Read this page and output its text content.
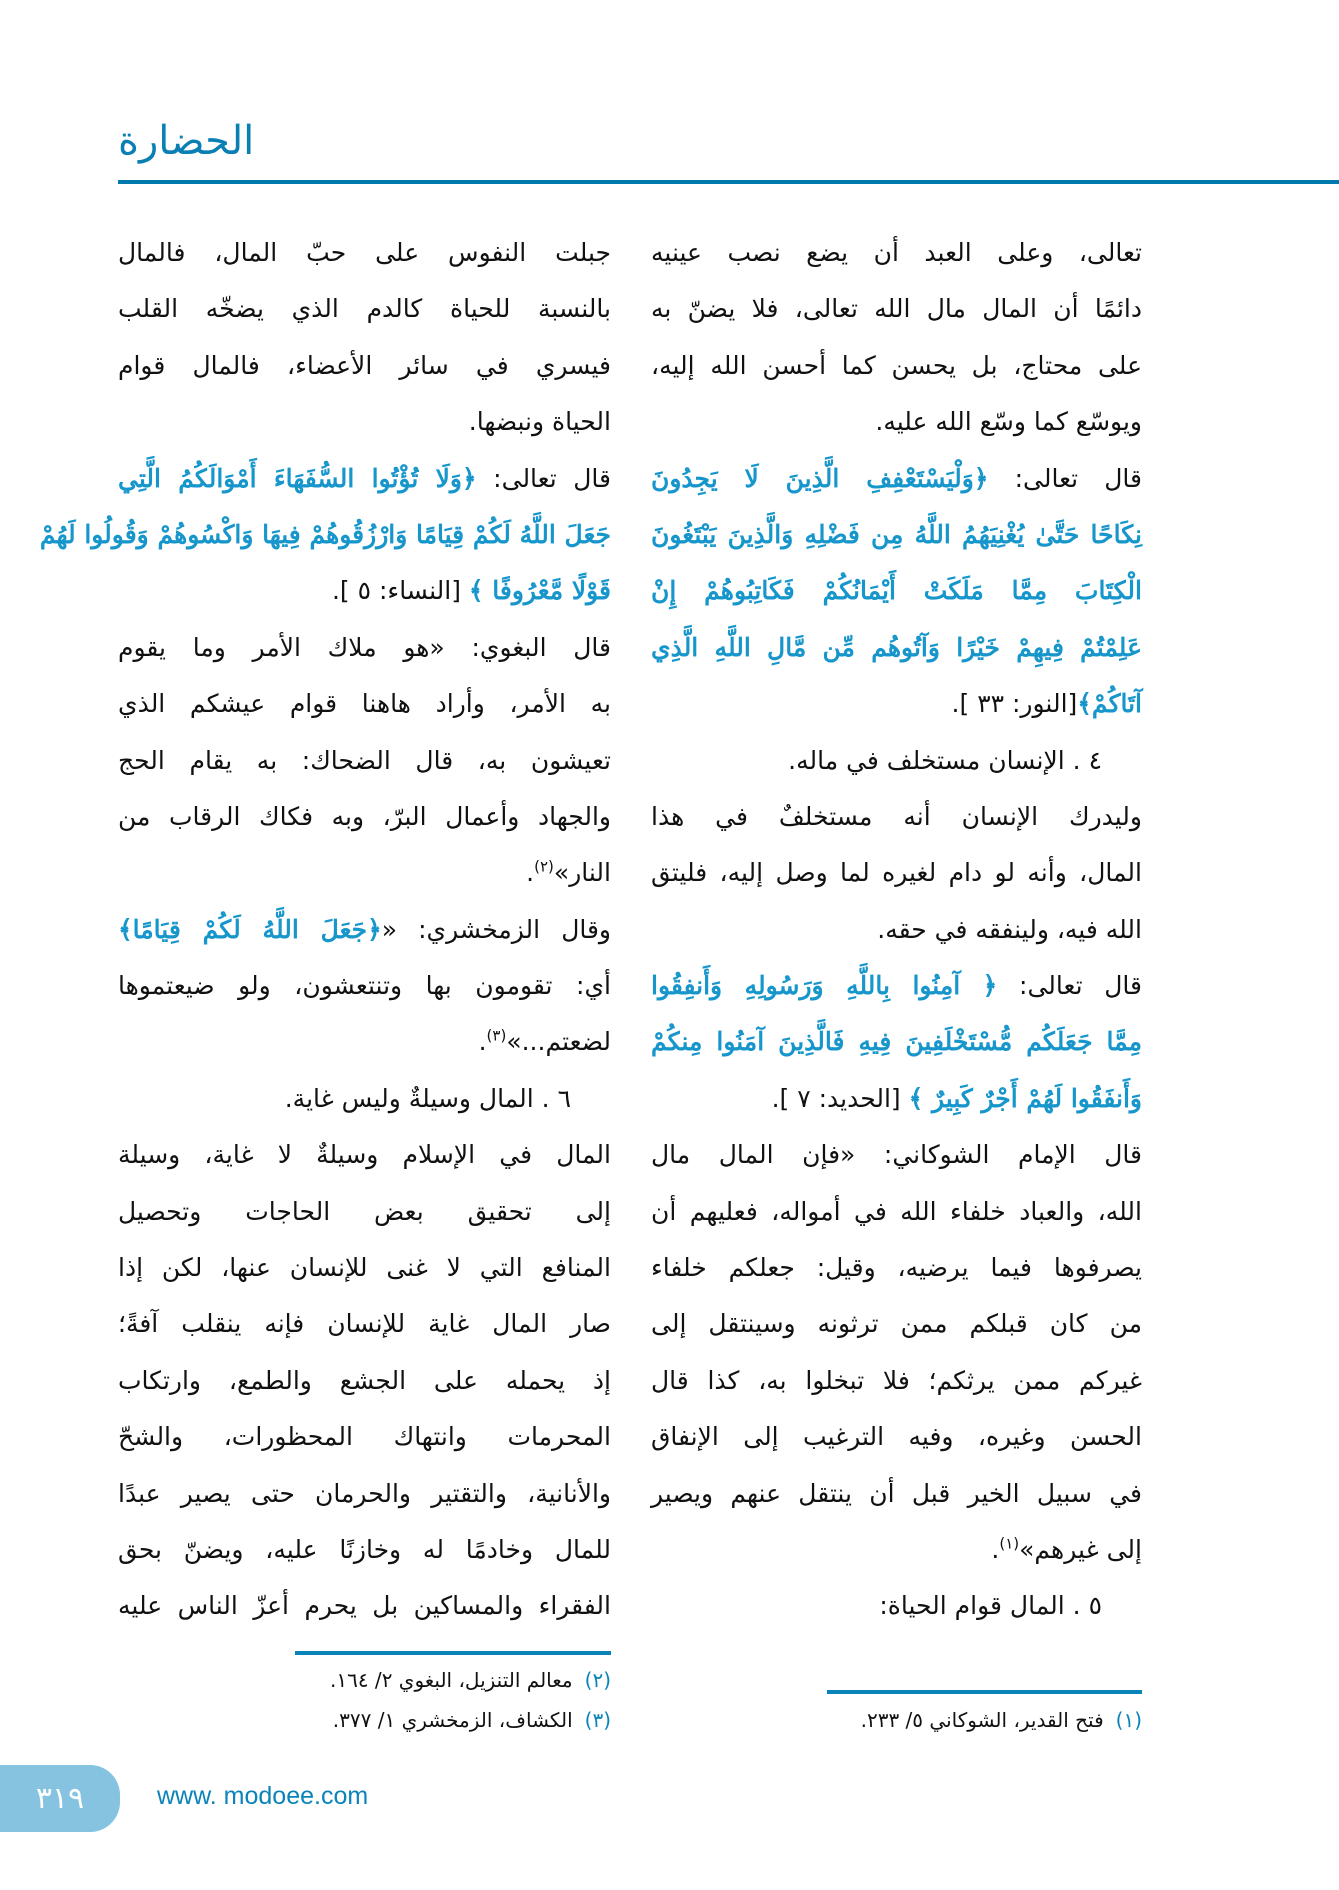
الحضارة
تعالى، وعلى العبد أن يضع نصب عينيه
دائمًا أن المال مال الله تعالى، فلا يضنّ به
على محتاج، بل يحسن كما أحسن الله إليه،
ويوسّع كما وسّع الله عليه.
قال تعالى: ﴿وَلْيَسْتَعْفِفِ الَّذِينَ لَا يَجِدُونَ
نِكَاحًا حَتَّىٰ يُغْنِيَهُمُ اللَّهُ مِن فَضْلِهِ وَالَّذِينَ يَبْتَغُونَ
الْكِتَابَ مِمَّا مَلَكَتْ أَيْمَانُكُمْ فَكَاتِبُوهُمْ إِنْ
عَلِمْتُمْ فِيهِمْ خَيْرًا وَآتُوهُم مِّن مَّالِ اللَّهِ الَّذِي
آتَاكُمْ﴾[النور: ٣٣ ].
٤ . الإنسان مستخلف في ماله.
وليدرك الإنسان أنه مستخلفٌ في هذا
المال، وأنه لو دام لغيره لما وصل إليه، فليتق
الله فيه، ولينفقه في حقه.
قال تعالى: ﴿ آمِنُوا بِاللَّهِ وَرَسُولِهِ وَأَنفِقُوا
مِمَّا جَعَلَكُم مُّسْتَخْلَفِينَ فِيهِ فَالَّذِينَ آمَنُوا مِنكُمْ
وَأَنفَقُوا لَهُمْ أَجْرٌ كَبِيرٌ ﴾ [الحديد: ٧ ].
قال الإمام الشوكاني: «فإن المال مال
الله، والعباد خلفاء الله في أمواله، فعليهم أن
يصرفوها فيما يرضيه، وقيل: جعلكم خلفاء
من كان قبلكم ممن ترثونه وسينتقل إلى
غيركم ممن يرثكم؛ فلا تبخلوا به، كذا قال
الحسن وغيره، وفيه الترغيب إلى الإنفاق
في سبيل الخير قبل أن ينتقل عنهم ويصير
إلى غيرهم»$^{(١)}$.
٥ . المال قوام الحياة:
جبلت النفوس على حبّ المال، فالمال
بالنسبة للحياة كالدم الذي يضخّه القلب
فيسري في سائر الأعضاء، فالمال قوام
الحياة ونبضها.
قال تعالى: ﴿وَلَا تُؤْتُوا السُّفَهَاءَ أَمْوَالَكُمُ الَّتِي
جَعَلَ اللَّهُ لَكُمْ قِيَامًا وَارْزُقُوهُمْ فِيهَا وَاكْسُوهُمْ وَقُولُوا لَهُمْ
قَوْلًا مَّعْرُوفًا ﴾ [النساء: ٥ ].
قال البغوي: «هو ملاك الأمر وما يقوم
به الأمر، وأراد هاهنا قوام عيشكم الذي
تعيشون به، قال الضحاك: به يقام الحج
والجهاد وأعمال البرّ، وبه فكاك الرقاب من
النار»$^{(٢)}$.
وقال الزمخشري: «﴿جَعَلَ اللَّهُ لَكُمْ قِيَامًا﴾
أي: تقومون بها وتنتعشون، ولو ضيعتموها
لضعتم...»$^{(٣)}$.
٦ . المال وسيلةٌ وليس غاية.
المال في الإسلام وسيلةٌ لا غاية، وسيلة
إلى تحقيق بعض الحاجات وتحصيل
المنافع التي لا غنى للإنسان عنها، لكن إذا
صار المال غاية للإنسان فإنه ينقلب آفةً؛
إذ يحمله على الجشع والطمع، وارتكاب
المحرمات وانتهاك المحظورات، والشحّ
والأنانية، والتقتير والحرمان حتى يصير عبدًا
للمال وخادمًا له وخازنًا عليه، ويضنّ بحق
الفقراء والمساكين بل يحرم أعزّ الناس عليه
(١)فتح القدير، الشوكاني ٥/ ٢٣٣.
(٢)معالم التنزيل، البغوي ٢/ ١٦٤.
(٣)الكشاف، الزمخشري ١/ ٣٧٧.
٣١٩	www. modoee.com
